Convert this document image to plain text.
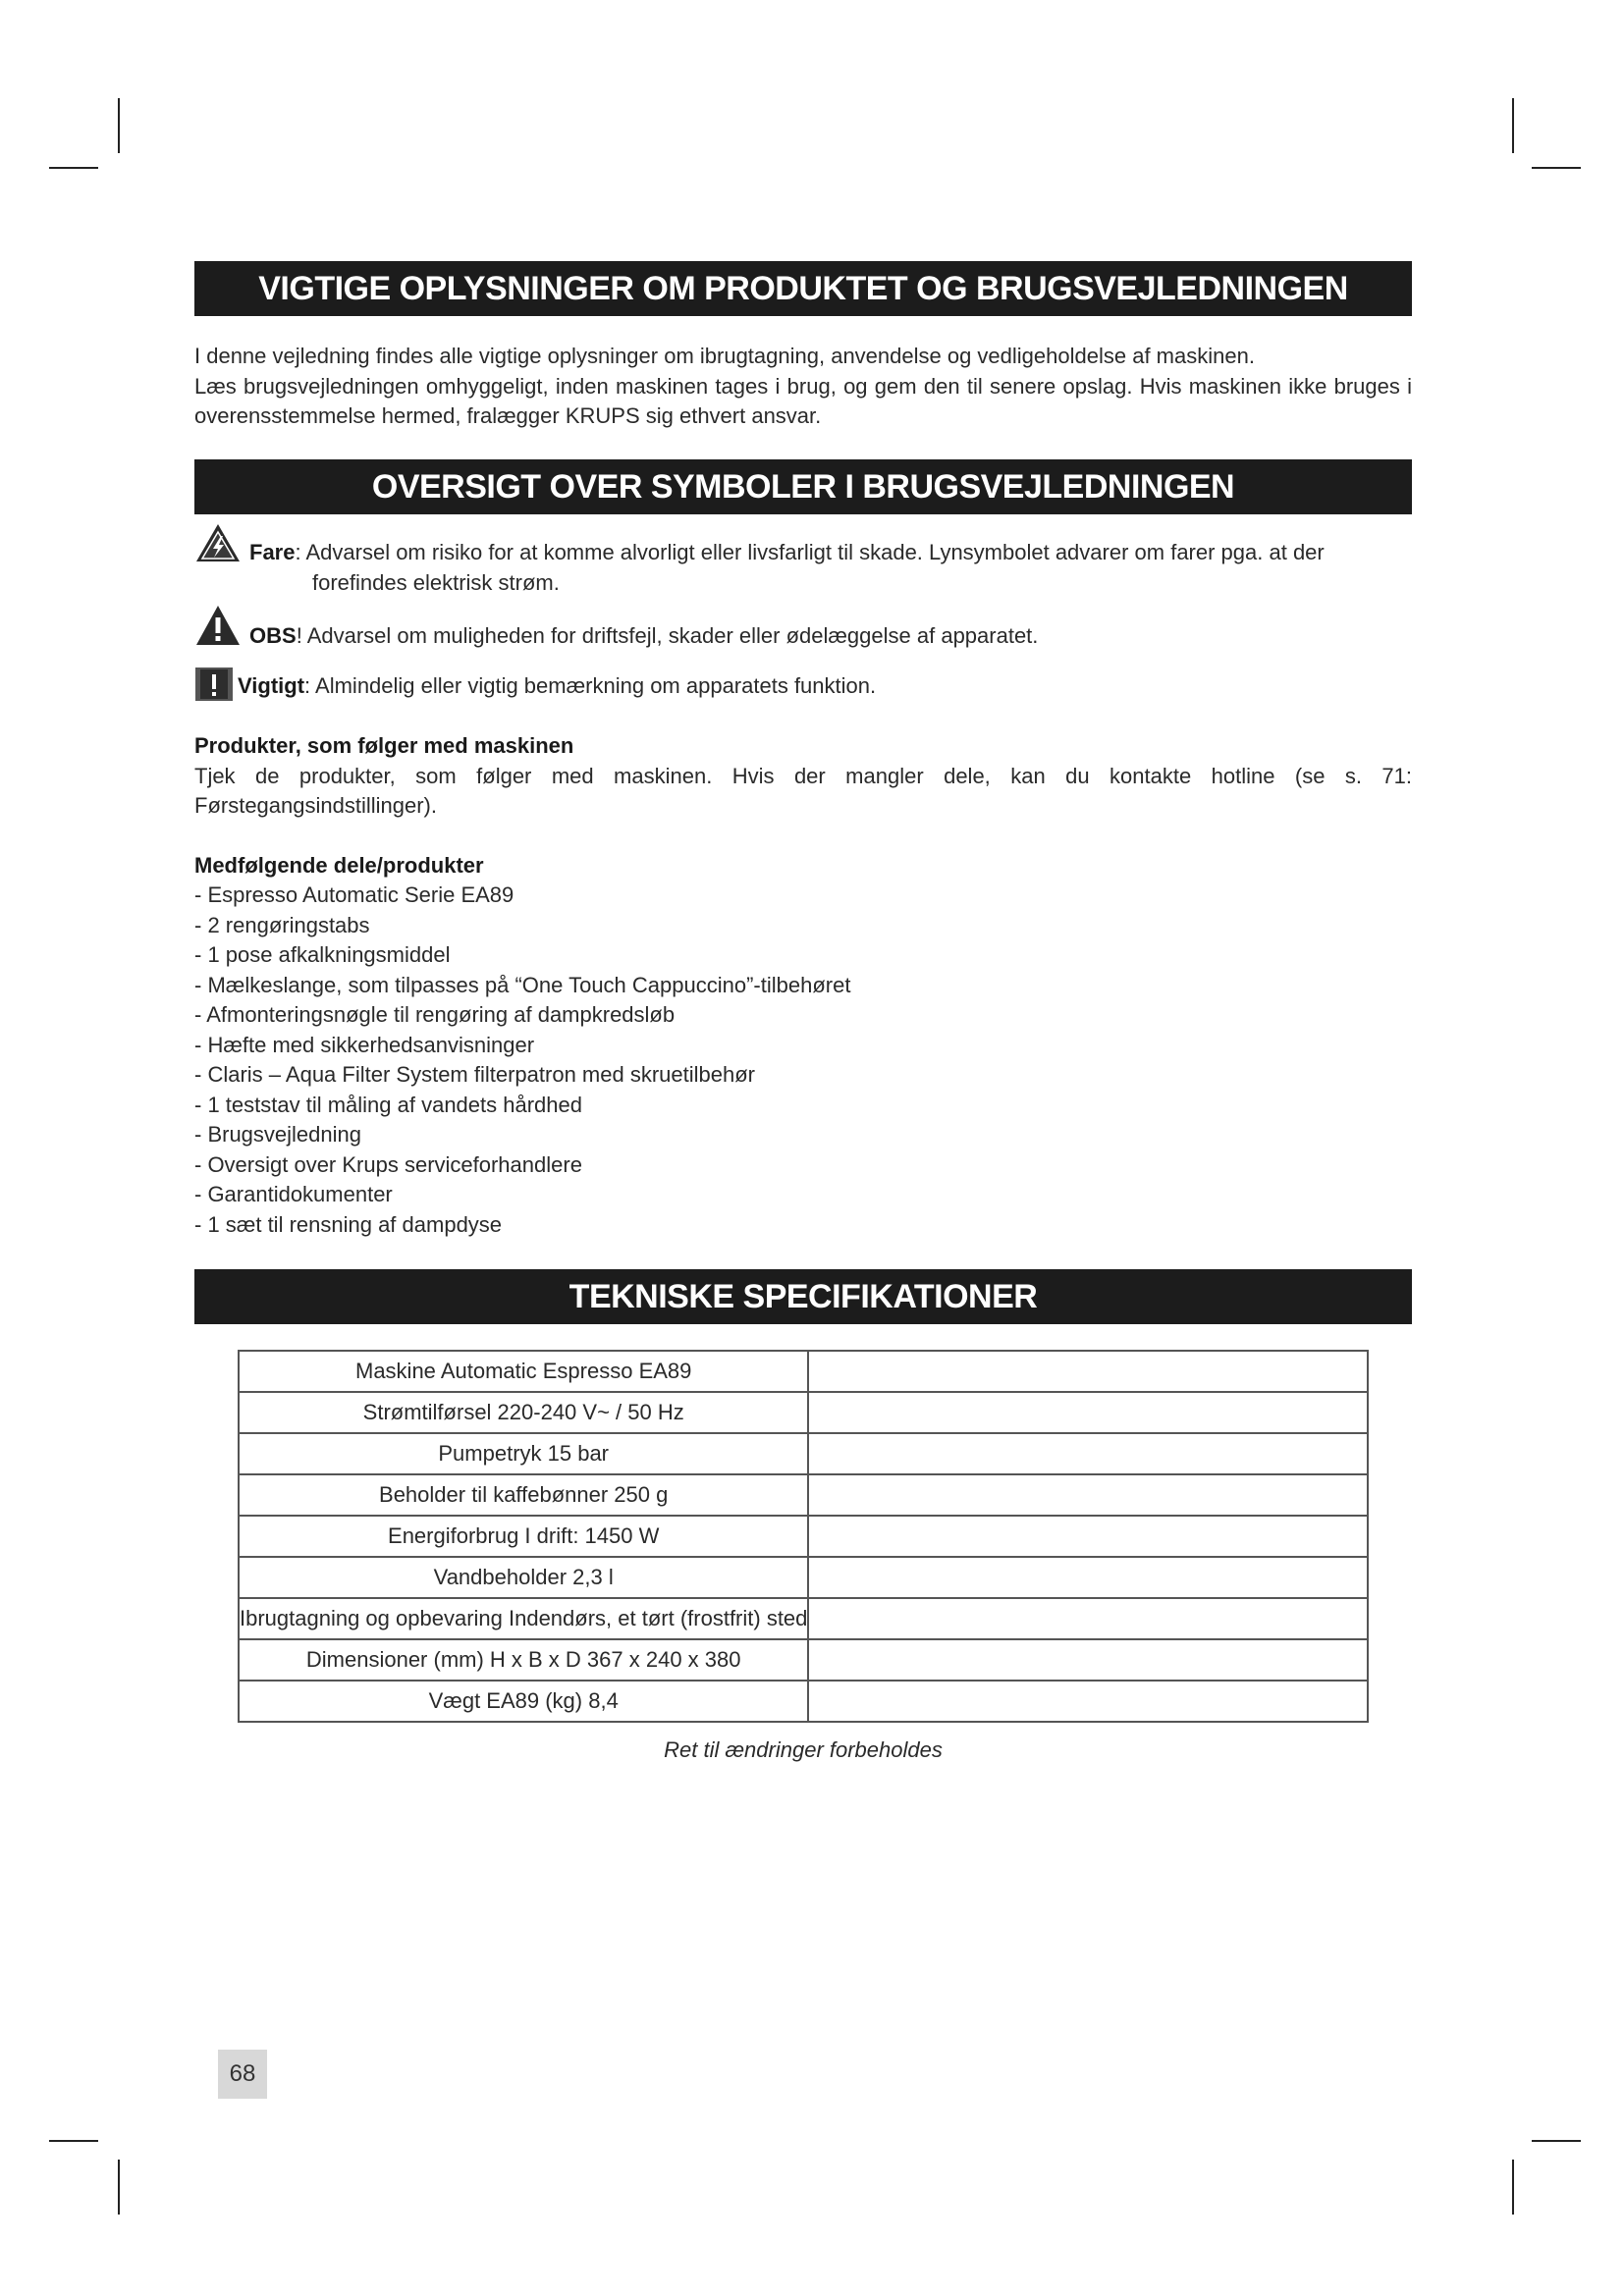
VIGTIGE OPLYSNINGER OM PRODUKTET OG BRUGSVEJLEDNINGEN
I denne vejledning findes alle vigtige oplysninger om ibrugtagning, anvendelse og vedligeholdelse af maskinen.
Læs brugsvejledningen omhyggeligt, inden maskinen tages i brug, og gem den til senere opslag. Hvis maskinen ikke bruges i overensstemmelse hermed, fralægger KRUPS sig ethvert ansvar.
OVERSIGT OVER SYMBOLER I BRUGSVEJLEDNINGEN
Fare: Advarsel om risiko for at komme alvorligt eller livsfarligt til skade. Lynsymbolet advarer om farer pga. at der
forefindes elektrisk strøm.
OBS! Advarsel om muligheden for driftsfejl, skader eller ødelæggelse af apparatet.
Vigtigt: Almindelig eller vigtig bemærkning om apparatets funktion.
Produkter, som følger med maskinen
Tjek de produkter, som følger med maskinen. Hvis der mangler dele, kan du kontakte hotline (se s. 71: Førstegangsindstillinger).
Medfølgende dele/produkter
- Espresso Automatic Serie EA89
- 2 rengøringstabs
- 1 pose afkalkningsmiddel
- Mælkeslange, som tilpasses på “One Touch Cappuccino”-tilbehøret
- Afmonteringsnøgle til rengøring af dampkredsløb
- Hæfte med sikkerhedsanvisninger
- Claris – Aqua Filter System filterpatron med skruetilbehør
- 1 teststav til måling af vandets hårdhed
- Brugsvejledning
- Oversigt over Krups serviceforhandlere
- Garantidokumenter
- 1 sæt til rensning af dampdyse
TEKNISKE SPECIFIKATIONER
Maskine Automatic Espresso EA89	
Strømtilførsel 220-240 V~ / 50 Hz	
Pumpetryk 15 bar	
Beholder til kaffebønner 250 g	
Energiforbrug I drift: 1450 W	
Vandbeholder 2,3 l	
Ibrugtagning og opbevaring Indendørs, et tørt (frostfrit) sted	
Dimensioner (mm) H x B x D 367 x 240 x 380	
Vægt EA89 (kg) 8,4	
Ret til ændringer forbeholdes
68
